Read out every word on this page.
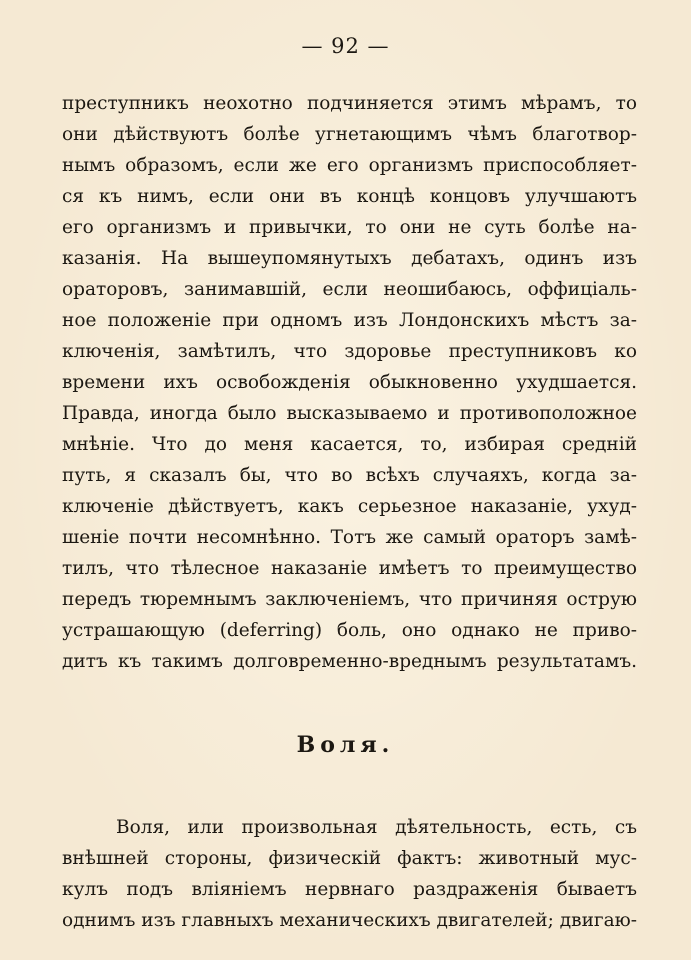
— 92 —
преступникъ неохотно подчиняется этимъ мѣрамъ, то
они дѣйствуютъ болѣе угнетающимъ чѣмъ благотвор-
нымъ образомъ, если же его организмъ приспособляет-
ся къ нимъ, если они въ концѣ концовъ улучшаютъ
его организмъ и привычки, то они не суть болѣе на-
казанія. На вышеупомянутыхъ дебатахъ, одинъ изъ
ораторовъ, занимавшій, если неошибаюсь, оффиціаль-
ное положеніе при одномъ изъ Лондонскихъ мѣстъ за-
ключенія, замѣтилъ, что здоровье преступниковъ ко
времени ихъ освобожденія обыкновенно ухудшается.
Правда, иногда было высказываемо и противоположное
мнѣніе. Что до меня касается, то, избирая средній
путь, я сказалъ бы, что во всѣхъ случаяхъ, когда за-
ключеніе дѣйствуетъ, какъ серьезное наказаніе, ухуд-
шеніе почти несомнѣнно. Тотъ же самый ораторъ замѣ-
тилъ, что тѣлесное наказаніе имѣетъ то преимущество
передъ тюремнымъ заключеніемъ, что причиняя острую
устрашающую (deferring) боль, оно однако не приво-
дитъ къ такимъ долговременно-вреднымъ результатамъ.
Воля.
Воля, или произвольная дѣятельность, есть, съ
внѣшней стороны, физическій фактъ: животный мус-
кулъ подъ вліяніемъ нервнаго раздраженія бываетъ
однимъ изъ главныхъ механическихъ двигателей; двигаю-
